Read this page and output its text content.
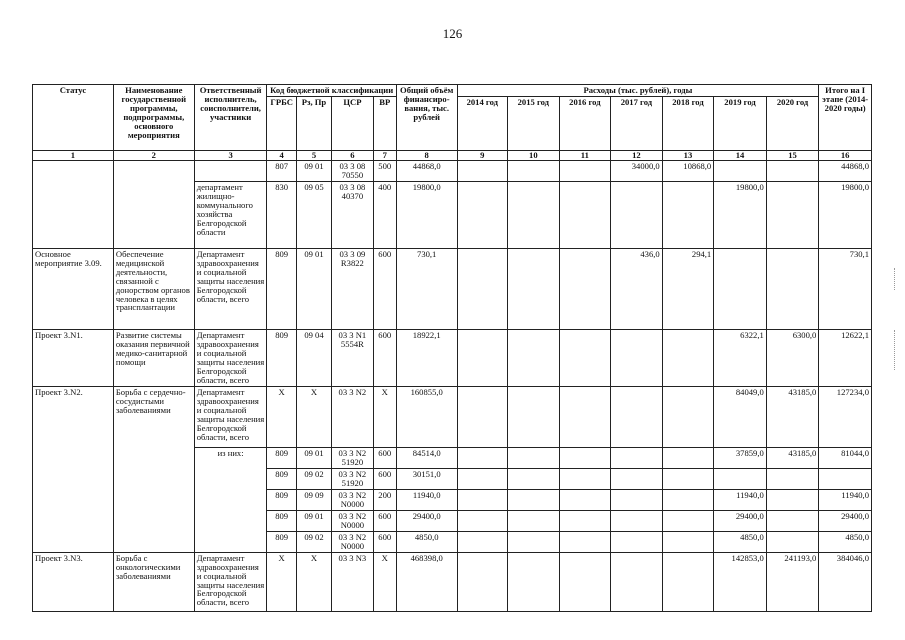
126
Статус	Наименование государственной программы, подпрограммы, основного мероприятия	Ответственный исполнитель, соисполнители, участники	Код бюджетной классификации				Общий объём финансиро-вания, тыс. рублей	Расходы (тыс. рублей), годы							Итого на I этапе (2014-2020 годы)
			ГРБС	Рз, Пр	ЦСР	ВР		2014 год	2015 год	2016 год	2017 год	2018 год	2019 год	2020 год	
1	2	3	4	5	6	7	8	9	10	11	12	13	14	15	16
			807	09 01	03 3 08 70550	500	44868,0				34000,0	10868,0			44868,0
		департамент жилищно-коммунального хозяйства Белгородской области	830	09 05	03 3 08 40370	400	19800,0						19800,0		19800,0
Основное мероприятие 3.09.	Обеспечение медицинской деятельности, связанной с донорством органов человека в целях трансплантации	Департамент здравоохранения и социальной защиты населения Белгородской области, всего	809	09 01	03 3 09 R3822	600	730,1				436,0	294,1			730,1
Проект 3.N1.	Развитие системы оказания первичной медико-санитарной помощи	Департамент здравоохранения и социальной защиты населения Белгородской области, всего	809	09 04	03 3 N1 5554R	600	18922,1						6322,1	6300,0	12622,1
Проект 3.N2.	Борьба с сердечно-сосудистыми заболеваниями	Департамент здравоохранения и социальной защиты населения Белгородской области, всего	Х	Х	03 3 N2	Х	160855,0						84049,0	43185,0	127234,0
		из них:	809	09 01	03 3 N2 51920	600	84514,0						37859,0	43185,0	81044,0
			809	09 02	03 3 N2 51920	600	30151,0								
			809	09 09	03 3 N2 N0000	200	11940,0						11940,0		11940,0
			809	09 01	03 3 N2 N0000	600	29400,0						29400,0		29400,0
			809	09 02	03 3 N2 N0000	600	4850,0						4850,0		4850,0
Проект 3.N3.	Борьба с онкологическими заболеваниями	Департамент здравоохранения и социальной защиты населения Белгородской области, всего	Х	Х	03 3 N3	Х	468398,0						142853,0	241193,0	384046,0
